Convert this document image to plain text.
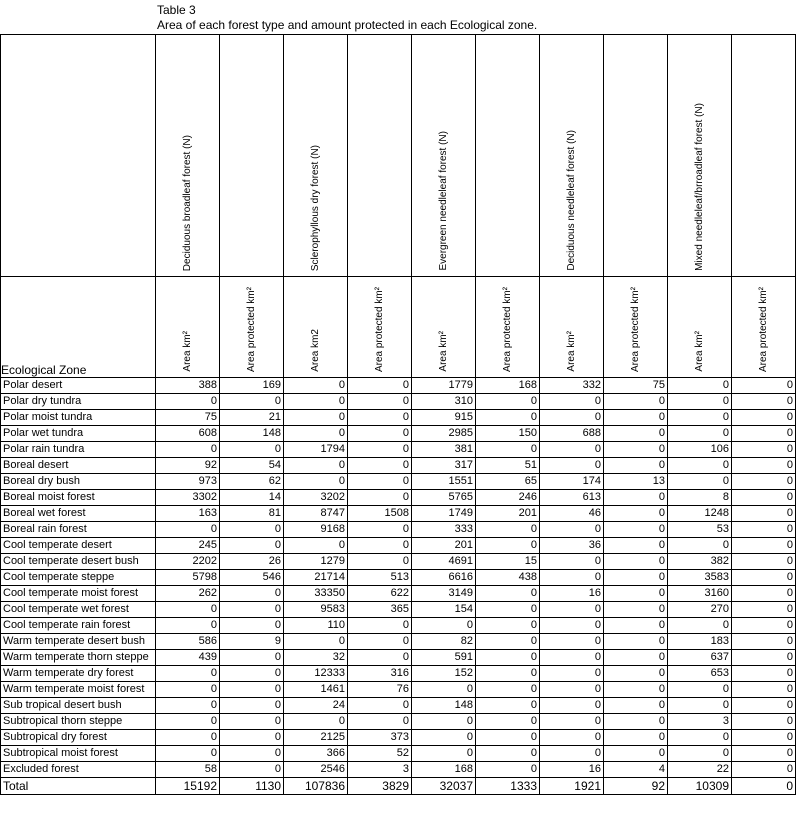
Table 3
Area of each forest type and amount protected in each Ecological zone.

	Deciduous broadleaf forest (N)		Sclerophyllous dry forest (N)		Evergreen needleleaf forest (N)		Deciduous needleleaf forest (N)		Mixed needleleaf/brroadleaf forest (N)	

Ecological Zone	Area km²	Area protected km²	Area km2	Area protected km²	Area km²	Area protected km²	Area km²	Area protected km²	Area km²	Area protected km²

Polar desert	388	169	0	0	1779	168	332	75	0	0
Polar dry tundra	0	0	0	0	310	0	0	0	0	0
Polar moist tundra	75	21	0	0	915	0	0	0	0	0
Polar wet tundra	608	148	0	0	2985	150	688	0	0	0
Polar rain tundra	0	0	1794	0	381	0	0	0	106	0
Boreal desert	92	54	0	0	317	51	0	0	0	0
Boreal dry bush	973	62	0	0	1551	65	174	13	0	0
Boreal moist forest	3302	14	3202	0	5765	246	613	0	8	0
Boreal wet forest	163	81	8747	1508	1749	201	46	0	1248	0
Boreal rain forest	0	0	9168	0	333	0	0	0	53	0
Cool temperate desert	245	0	0	0	201	0	36	0	0	0
Cool temperate desert bush	2202	26	1279	0	4691	15	0	0	382	0
Cool temperate steppe	5798	546	21714	513	6616	438	0	0	3583	0
Cool temperate moist forest	262	0	33350	622	3149	0	16	0	3160	0
Cool temperate wet forest	0	0	9583	365	154	0	0	0	270	0
Cool temperate rain forest	0	0	110	0	0	0	0	0	0	0
Warm temperate desert bush	586	9	0	0	82	0	0	0	183	0
Warm temperate thorn steppe	439	0	32	0	591	0	0	0	637	0
Warm temperate dry forest	0	0	12333	316	152	0	0	0	653	0
Warm temperate moist forest	0	0	1461	76	0	0	0	0	0	0
Sub tropical desert bush	0	0	24	0	148	0	0	0	0	0
Subtropical thorn steppe	0	0	0	0	0	0	0	0	3	0
Subtropical dry forest	0	0	2125	373	0	0	0	0	0	0
Subtropical moist forest	0	0	366	52	0	0	0	0	0	0
Excluded forest	58	0	2546	3	168	0	16	4	22	0
Total	15192	1130	107836	3829	32037	1333	1921	92	10309	0
